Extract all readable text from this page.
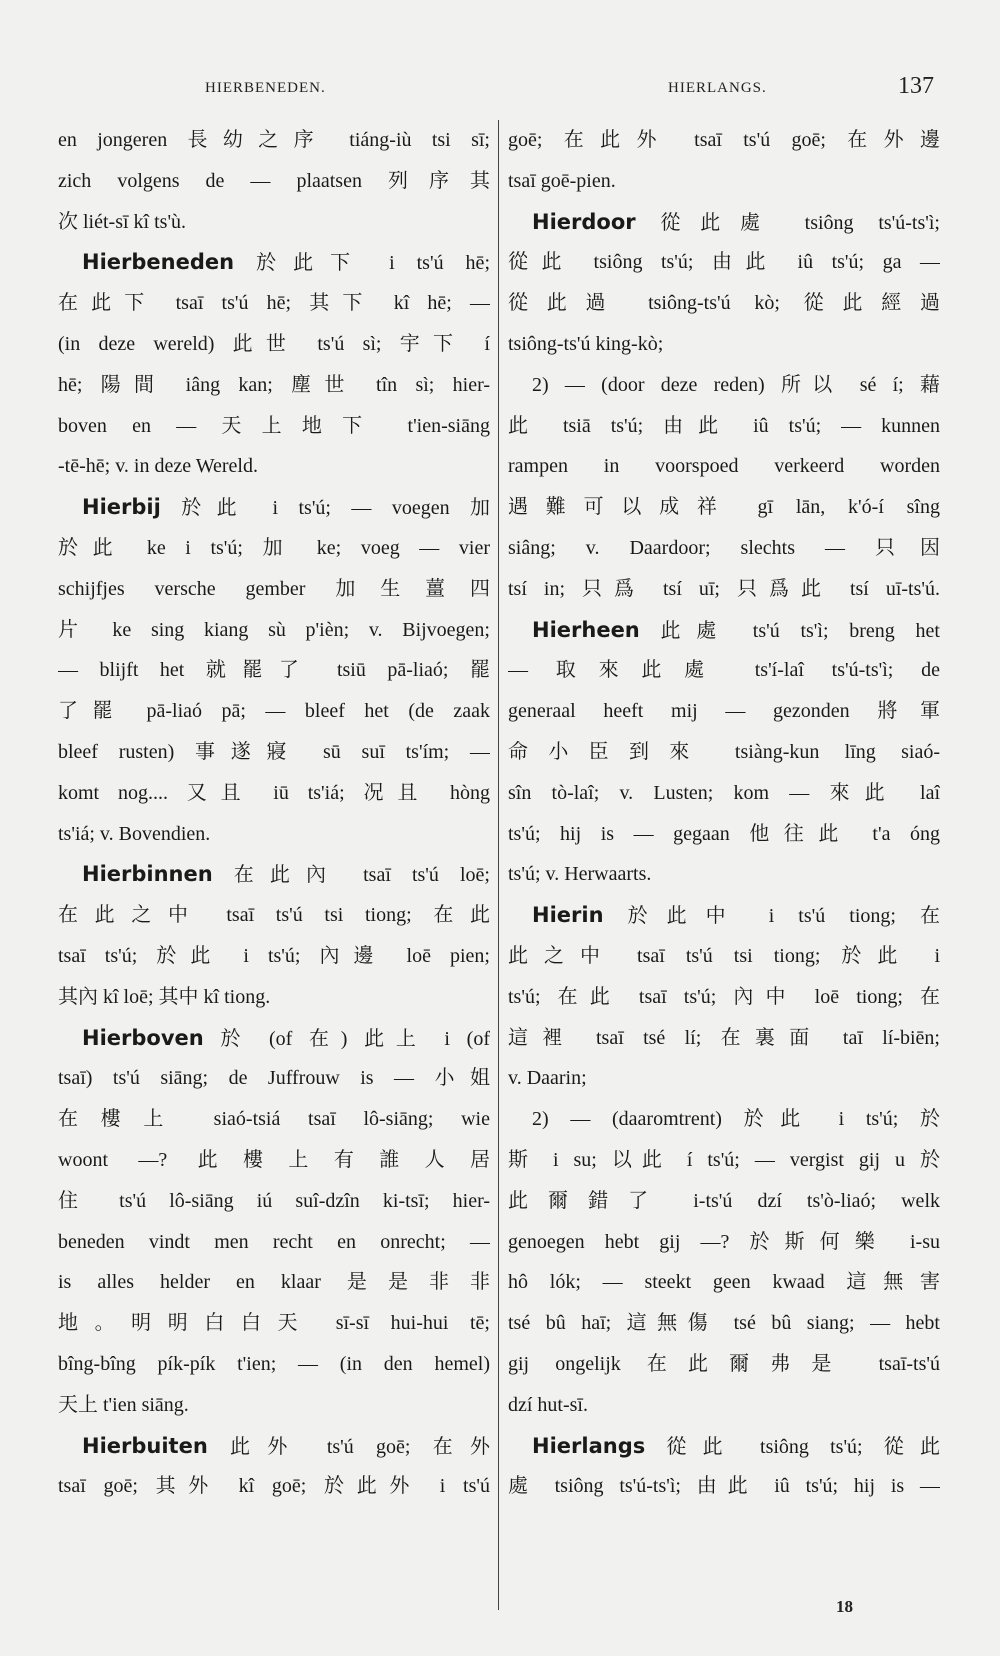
HIERBENEDEN.	HIERLANGS.	137
en jongeren 長幼之序 tiáng-iù tsi sī;
zich volgens de — plaatsen 列序其
次 liét-sī kî ts'ù.
Hierbeneden 於此下 i ts'ú hē;
在此下 tsaī ts'ú hē; 其下 kî hē; —
(in deze wereld) 此世 ts'ú sì; 宇下 í
hē; 陽間 iâng kan; 塵世 tîn sì; hier-
boven en — 天上地下 t'ien-siāng
-tē-hē; v. in deze Wereld.
Hierbij 於此 i ts'ú; — voegen 加
於此 ke i ts'ú; 加 ke; voeg — vier
schijfjes versche gember 加生薑四
片 ke sing kiang sù p'ièn; v. Bijvoegen;
— blijft het 就罷了 tsiū pā-liaó; 罷
了罷 pā-liaó pā; — bleef het (de zaak
bleef rusten) 事遂寢 sū suī ts'ím; —
komt nog.... 又且 iū ts'iá; 况且 hòng
ts'iá; v. Bovendien.
Hierbinnen 在此內 tsaī ts'ú loē;
在此之中 tsaī ts'ú tsi tiong; 在此
tsaī ts'ú; 於此 i ts'ú; 內邊 loē pien;
其內 kî loē; 其中 kî tiong.
Hierboven 於 (of 在) 此上 i (of
tsaī) ts'ú siāng; de Juffrouw is — 小姐
在樓上 siaó-tsiá tsaī lô-siāng; wie
woont —? 此樓上有誰人居
住 ts'ú lô-siāng iú suî-dzîn ki-tsī; hier-
beneden vindt men recht en onrecht; —
is alles helder en klaar 是是非非
地。明明白白天 sī-sī hui-hui tē;
bîng-bîng pík-pík t'ien; — (in den hemel)
天上 t'ien siāng.
Hierbuiten 此外 ts'ú goē; 在外
tsaī goē; 其外 kî goē; 於此外 i ts'ú
goē; 在此外 tsaī ts'ú goē; 在外邊
tsaī goē-pien.
Hierdoor 從此處 tsiông ts'ú-ts'ì;
從此 tsiông ts'ú; 由此 iû ts'ú; ga —
從此過 tsiông-ts'ú kò; 從此經過
tsiông-ts'ú king-kò;
2) — (door deze reden) 所以 sé í; 藉
此 tsiā ts'ú; 由此 iû ts'ú; — kunnen
rampen in voorspoed verkeerd worden
遇難可以成祥 gī lān, k'ó-í sîng
siâng; v. Daardoor; slechts — 只因
tsí in; 只爲 tsí uī; 只爲此 tsí uī-ts'ú.
Hierheen 此處 ts'ú ts'ì; breng het
— 取來此處 ts'í-laî ts'ú-ts'ì; de
generaal heeft mij — gezonden 將軍
命小臣到來 tsiàng-kun līng siaó-
sîn tò-laî; v. Lusten; kom — 來此 laî
ts'ú; hij is — gegaan 他往此 t'a óng
ts'ú; v. Herwaarts.
Hierin 於此中 i ts'ú tiong; 在
此之中 tsaī ts'ú tsi tiong; 於此 i
ts'ú; 在此 tsaī ts'ú; 內中 loē tiong; 在
這裡 tsaī tsé lí; 在裏面 taī lí-biēn;
v. Daarin;
2) — (daaromtrent) 於此 i ts'ú; 於
斯 i su; 以此 í ts'ú; — vergist gij u 於
此爾錯了 i-ts'ú dzí ts'ò-liaó; welk
genoegen hebt gij —? 於斯何樂 i-su
hô lók; — steekt geen kwaad 這無害
tsé bû haī; 這無傷 tsé bû siang; — hebt
gij ongelijk 在此爾弗是 tsaī-ts'ú
dzí hut-sī.
Hierlangs 從此 tsiông ts'ú; 從此
處 tsiông ts'ú-ts'ì; 由此 iû ts'ú; hij is —
18
